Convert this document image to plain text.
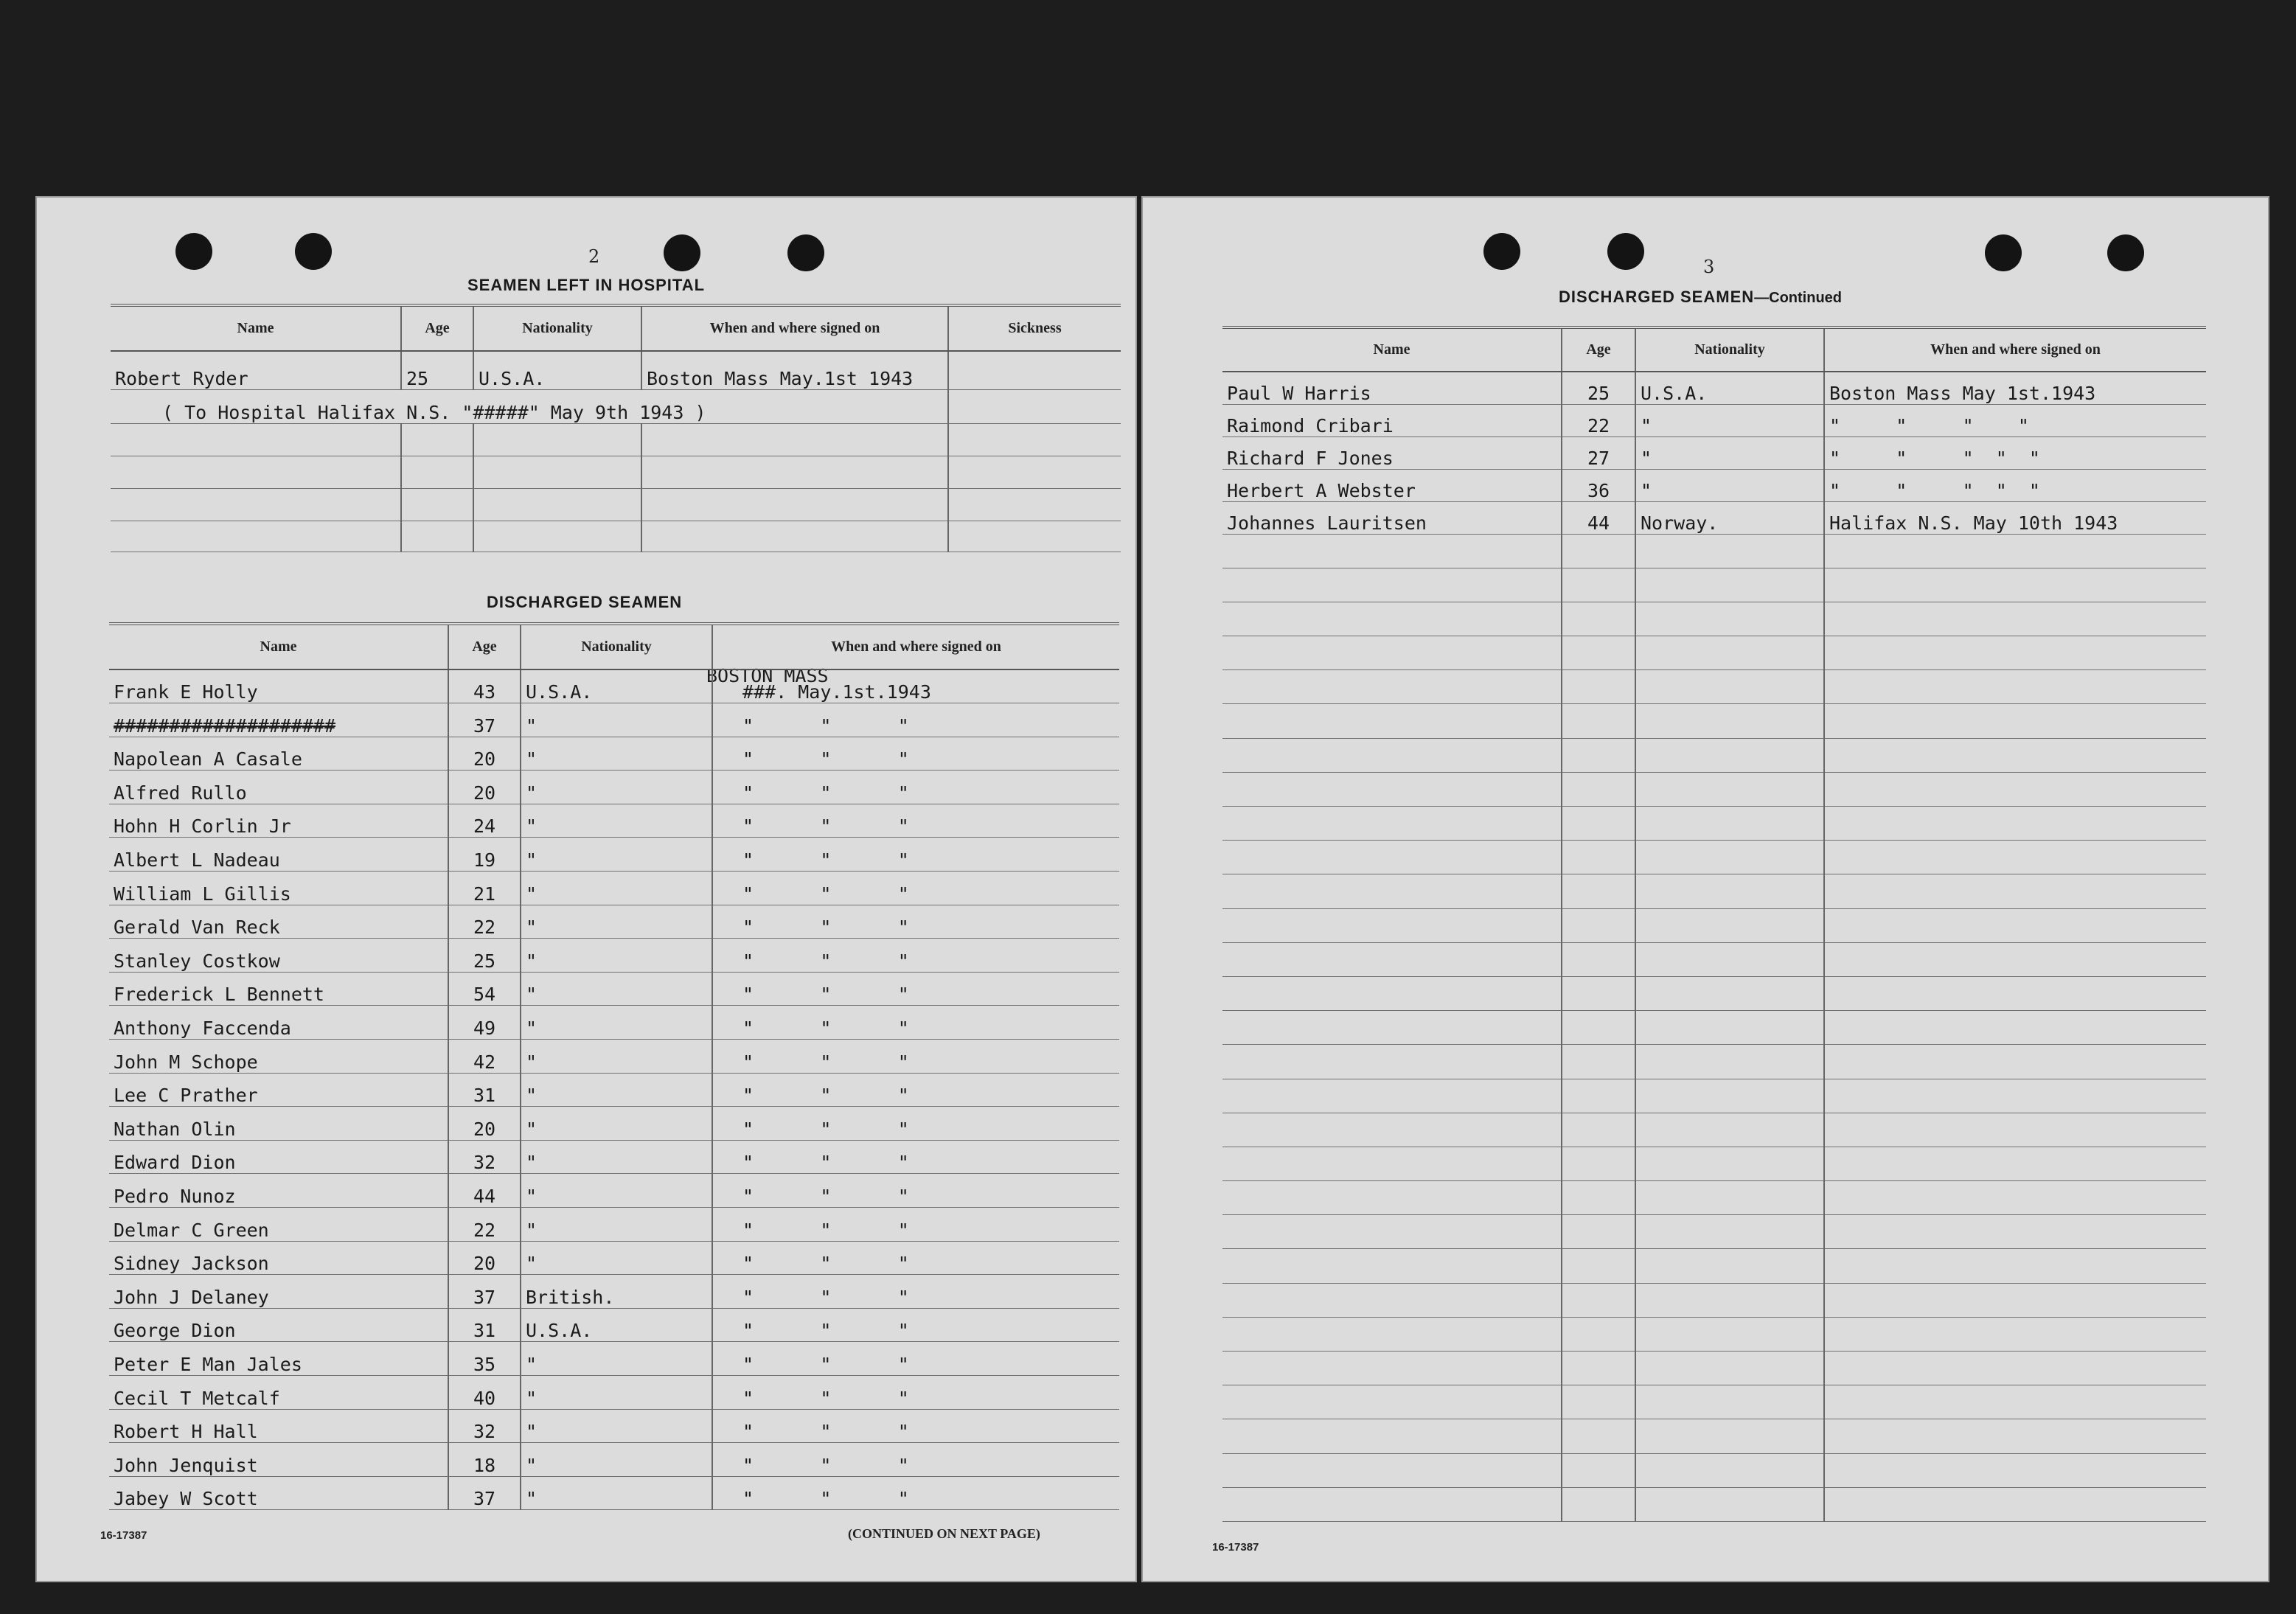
2
SEAMEN LEFT IN HOSPITAL
Name	Age	Nationality	When and where signed on	Sickness
Robert Ryder	25	U.S.A.	Boston Mass May.1st 1943	
( To Hospital Halifax N.S. "#####" May 9th 1943 )				

DISCHARGED SEAMEN
BOSTON MASS
Name	Age	Nationality	When and where signed on
Frank E Holly	43	U.S.A.	###. May.1st.1943
####################	37	"	"      "      "
Napolean A Casale	20	"	"      "      "
Alfred Rullo	20	"	"      "      "
Hohn H Corlin Jr	24	"	"      "      "
Albert L Nadeau	19	"	"      "      "
William L Gillis	21	"	"      "      "
Gerald Van Reck	22	"	"      "      "
Stanley Costkow	25	"	"      "      "
Frederick L Bennett	54	"	"      "      "
Anthony Faccenda	49	"	"      "      "
John M Schope	42	"	"      "      "
Lee C Prather	31	"	"      "      "
Nathan Olin	20	"	"      "      "
Edward Dion	32	"	"      "      "
Pedro Nunoz	44	"	"      "      "
Delmar C Green	22	"	"      "      "
Sidney Jackson	20	"	"      "      "
John J Delaney	37	British.	"      "      "
George Dion	31	U.S.A.	"      "      "
Peter E Man Jales	35	"	"      "      "
Cecil T Metcalf	40	"	"      "      "
Robert H Hall	32	"	"      "      "
John Jenquist	18	"	"      "      "
Jabey W Scott	37	"	"      "      "
16-17387	(CONTINUED ON NEXT PAGE)
3
DISCHARGED SEAMEN—Continued
Name	Age	Nationality	When and where signed on
Paul W Harris	25	U.S.A.	Boston Mass May 1st.1943
Raimond Cribari	22	"	"     "     "    "
Richard F Jones	27	"	"     "     "  "  "
Herbert A Webster	36	"	"     "     "  "  "
Johannes Lauritsen	44	Norway.	Halifax N.S. May 10th 1943

16-17387
